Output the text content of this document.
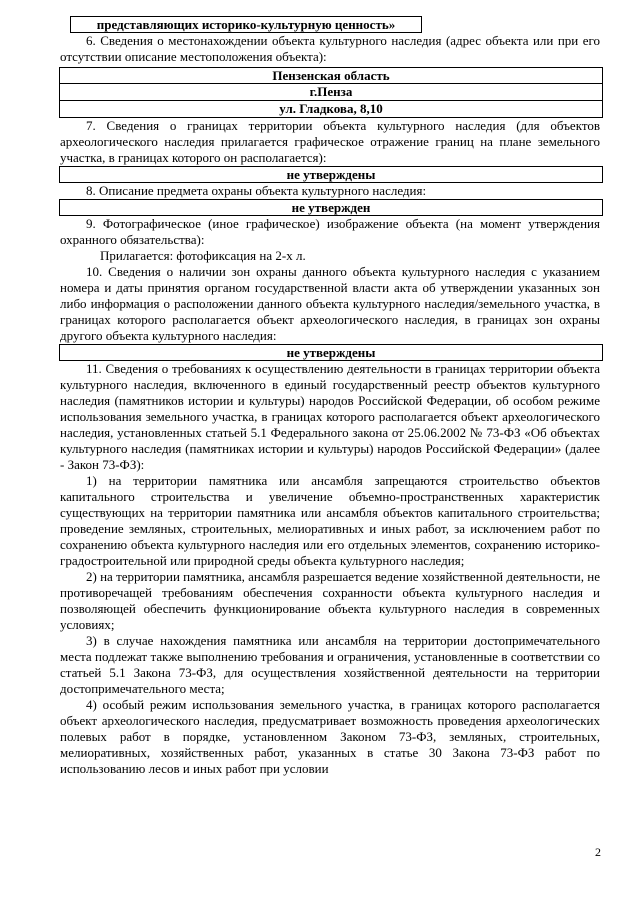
представляющих историко-культурную ценность»

6. Сведения о местонахождении объекта культурного наследия (адрес объекта или при его отсутствии описание местоположения объекта):

Пензенская область
г.Пенза
ул. Гладкова, 8,10

7. Сведения о границах территории объекта культурного наследия (для объектов археологического наследия прилагается графическое отражение границ на плане земельного участка, в границах которого он располагается):

не утверждены

8. Описание предмета охраны объекта культурного наследия:

не утвержден

9. Фотографическое (иное графическое) изображение объекта (на момент утверждения охранного обязательства):

Прилагается: фотофиксация на 2-х л.

10. Сведения о наличии зон охраны данного объекта культурного наследия с указанием номера и даты принятия органом государственной власти акта об утверждении указанных зон либо информация о расположении данного объекта культурного наследия/земельного участка, в границах которого располагается объект археологического наследия, в границах зон охраны другого объекта культурного наследия:

не утверждены

11. Сведения о требованиях к осуществлению деятельности в границах территории объекта культурного наследия, включенного в единый государственный реестр объектов культурного наследия (памятников истории и культуры) народов Российской Федерации, об особом режиме использования земельного участка, в границах которого располагается объект археологического наследия, установленных статьей 5.1 Федерального закона от 25.06.2002 № 73-ФЗ «Об объектах культурного наследия (памятниках истории и культуры) народов Российской Федерации» (далее - Закон 73-ФЗ):

1) на территории памятника или ансамбля запрещаются строительство объектов капитального строительства и увеличение объемно-пространственных характеристик существующих на территории памятника или ансамбля объектов капитального строительства; проведение земляных, строительных, мелиоративных и иных работ, за исключением работ по сохранению объекта культурного наследия или его отдельных элементов, сохранению историко-градостроительной или природной среды объекта культурного наследия;

2) на территории памятника, ансамбля разрешается ведение хозяйственной деятельности, не противоречащей требованиям обеспечения сохранности объекта культурного наследия и позволяющей обеспечить функционирование объекта культурного наследия в современных условиях;

3) в случае нахождения памятника или ансамбля на территории достопримечательного места подлежат также выполнению требования и ограничения, установленные в соответствии со статьей 5.1 Закона 73-ФЗ, для осуществления хозяйственной деятельности на территории достопримечательного места;

4) особый режим использования земельного участка, в границах которого располагается объект археологического наследия, предусматривает возможность проведения археологических полевых работ в порядке, установленном Законом 73-ФЗ, земляных, строительных, мелиоративных, хозяйственных работ, указанных в статье 30 Закона 73-ФЗ работ по использованию лесов и иных работ при условии

2
